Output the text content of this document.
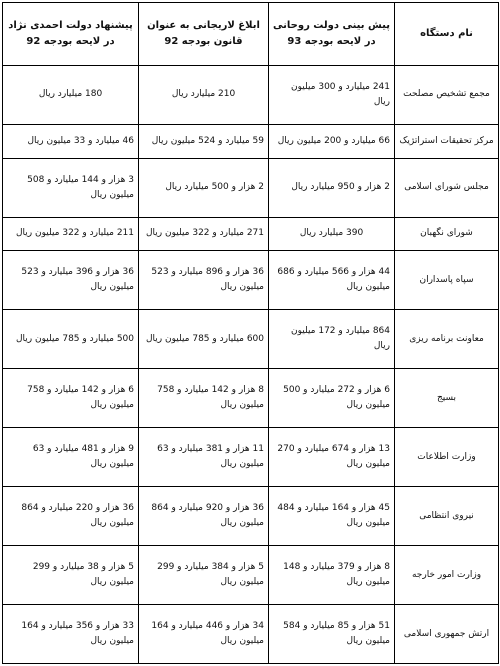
نام دستگاه	پیش بینی دولت روحانی در لایحه بودجه 93	ابلاغ لاریجانی به عنوان قانون بودجه 92	پیشنهاد دولت احمدی نژاد در لایحه بودجه 92
مجمع تشخیص مصلحت	241 میلیارد و 300 میلیون ریال	210 میلیارد ریال	180 میلیارد ریال
مرکز تحقیقات استراتژیک	66 میلیارد و 200 میلیون ریال	59 میلیارد و 524 میلیون ریال	46 میلیارد و 33 میلیون ریال
مجلس شورای اسلامی	2 هزار و 950 میلیارد ریال	2 هزار و 500 میلیارد ریال	3 هزار و 144 میلیارد و 508 میلیون ریال
شورای نگهبان	390 میلیارد ریال	271 میلیارد و 322 میلیون ریال	211 میلیارد و 322 میلیون ریال
سپاه پاسداران	44 هزار و 566 میلیارد و 686 میلیون ریال	36 هزار و 896 میلیارد و 523 میلیون ریال	36 هزار و 396 میلیارد و 523 میلیون ریال
معاونت برنامه ریزی	864 میلیارد و 172 میلیون ریال	600 میلیارد و 785 میلیون ریال	500 میلیارد و 785 میلیون ریال
بسیج	6 هزار و 272 میلیارد و 500 میلیون ریال	8 هزار و 142 میلیارد و 758 میلیون ریال	6 هزار و 142 میلیارد و 758 میلیون ریال
وزارت اطلاعات	13 هزار و 674 میلیارد و 270 میلیون ریال	11 هزار و 381 میلیارد و 63 میلیون ریال	9 هزار و 481 میلیارد و 63 میلیون ریال
نیروی انتظامی	45 هزار و 164 میلیارد و 484 میلیون ریال	36 هزار و 920 میلیارد و 864 میلیون ریال	36 هزار و 220 میلیارد و 864 میلیون ریال
وزارت امور خارجه	8 هزار و 379 میلیارد و 148 میلیون ریال	5 هزار و 384 میلیارد و 299 میلیون ریال	5 هزار و 38 میلیارد و 299 میلیون ریال
ارتش جمهوری اسلامی	51 هزار و 85 میلیارد و 584 میلیون ریال	34 هزار و 446 میلیارد و 164 میلیون ریال	33 هزار و 356 میلیارد و 164 میلیون ریال
